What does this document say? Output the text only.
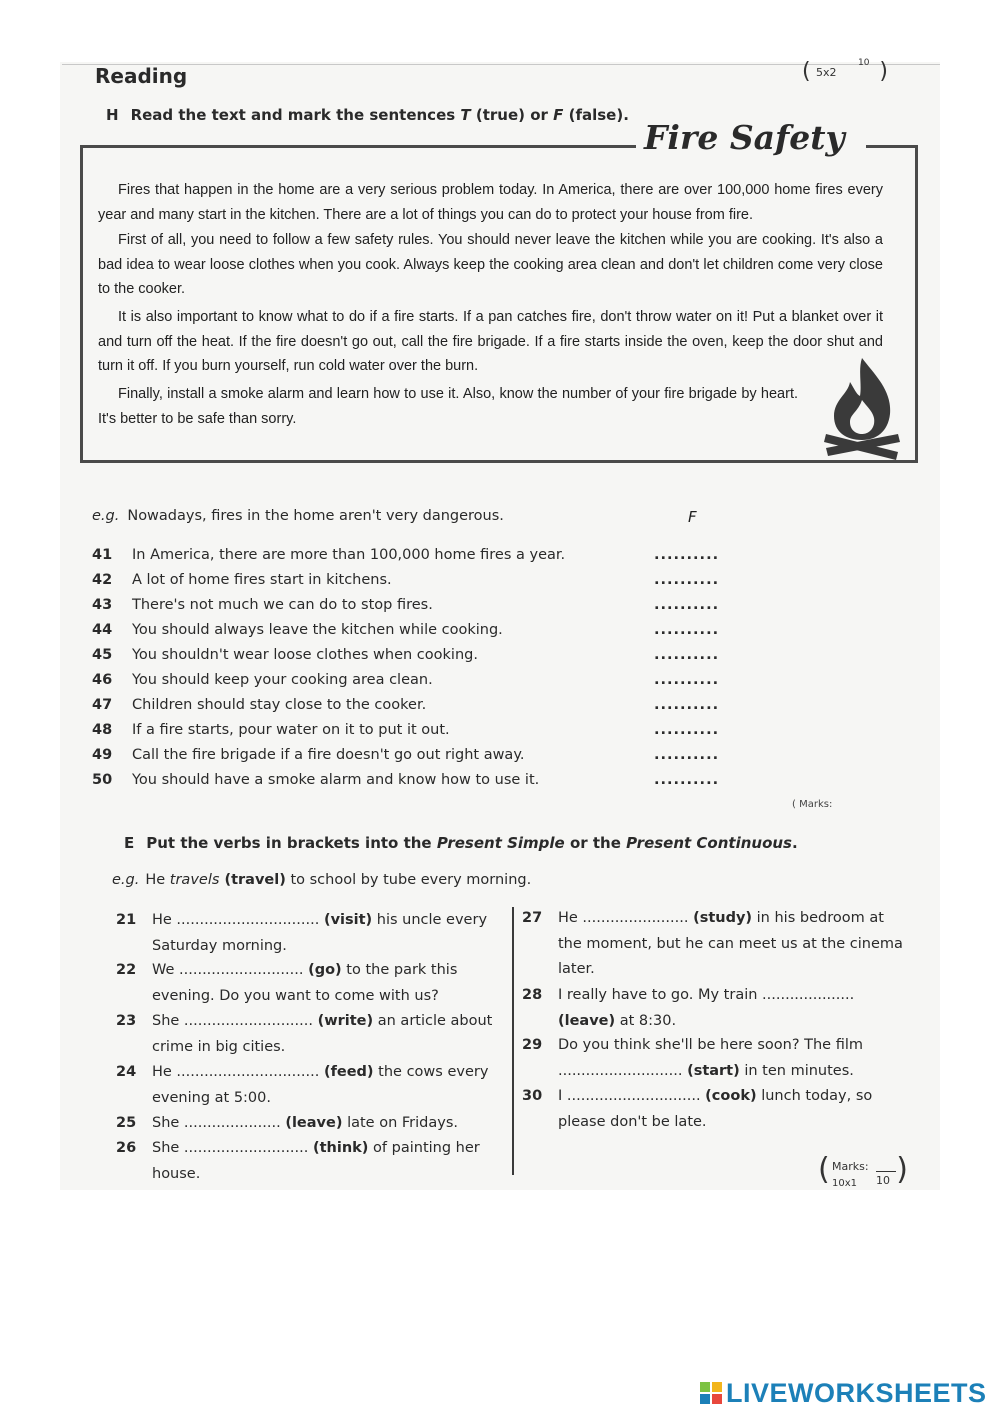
Reading	( 5x2
10 )
H Read the text and mark the sentences T (true) or F (false).
Fire Safety

Fires that happen in the home are a very serious problem today. In America, there are over 100,000 home fires every year and many start in the kitchen. There are a lot of things you can do to protect your house from fire.

First of all, you need to follow a few safety rules. You should never leave the kitchen while you are cooking. It's also a bad idea to wear loose clothes when you cook. Always keep the cooking area clean and don't let children come very close to the cooker.

It is also important to know what to do if a fire starts. If a pan catches fire, don't throw water on it! Put a blanket over it and turn off the heat. If the fire doesn't go out, call the fire brigade. If a fire starts inside the oven, keep the door shut and turn it off. If you burn yourself, run cold water over the burn.

Finally, install a smoke alarm and learn how to use it. Also, know the number of your fire brigade by heart. It's better to be safe than sorry.

e.g. Nowadays, fires in the home aren't very dangerous.	F
41 In America, there are more than 100,000 home fires a year.	..........
42 A lot of home fires start in kitchens.	..........
43 There's not much we can do to stop fires.	..........
44 You should always leave the kitchen while cooking.	..........
45 You shouldn't wear loose clothes when cooking.	..........
46 You should keep your cooking area clean.	..........
47 Children should stay close to the cooker.	..........
48 If a fire starts, pour water on it to put it out.	..........
49 Call the fire brigade if a fire doesn't go out right away.	..........
50 You should have a smoke alarm and know how to use it.	..........
( Marks:
E Put the verbs in brackets into the Present Simple or the Present Continuous.
e.g. He travels (travel) to school by tube every morning.
21 He ............................... (visit) his uncle every Saturday morning.
22 We ........................... (go) to the park this evening. Do you want to come with us?
23 She ............................ (write) an article about crime in big cities.
24 He ............................... (feed) the cows every evening at 5:00.
25 She ..................... (leave) late on Fridays.
26 She ........................... (think) of painting her house.
27 He ....................... (study) in his bedroom at the moment, but he can meet us at the cinema later.
28 I really have to go. My train .................... (leave) at 8:30.
29 Do you think she'll be here soon? The film ........................... (start) in ten minutes.
30 I ............................. (cook) lunch today, so please don't be late.
( Marks:
10
10x1 )
LIVEWORKSHEETS
